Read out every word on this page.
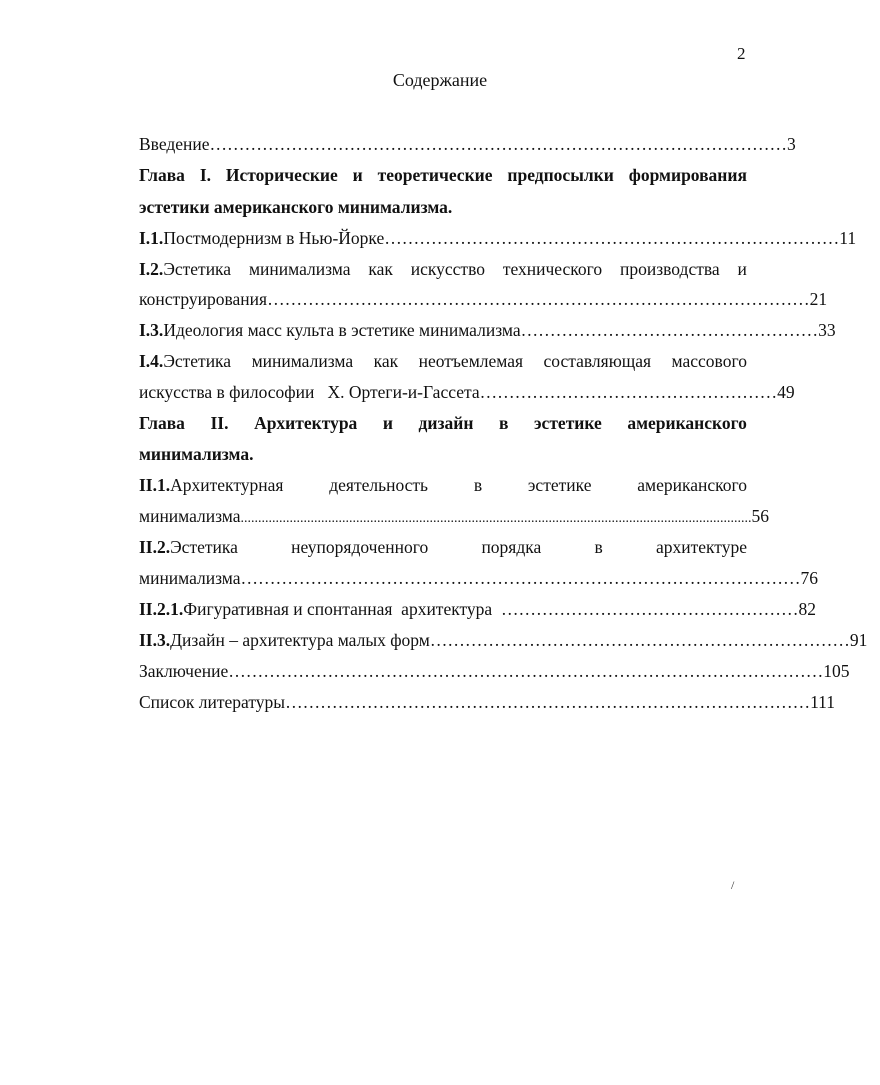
2
Содержание
Введение ……………………………………………………………………………………… 3
Глава I. Исторические и теоретические предпосылки формирования
эстетики американского минимализма.
I.1.Постмодернизм в Нью-Йорке …………………………………………………………………… 11
I.2.Эстетика минимализма как искусство технического производства и
конструирования ………………………………………………………………………………… 21
I.3.Идеология масс культа в эстетике минимализма …………………………………………… 33
I.4.Эстетика минимализма как неотъемлемая составляющая массового
искусства в философии   Х. Ортеги-и-Гассета …………………………………………… 49
Глава II. Архитектура и дизайн в эстетике американского
минимализма.
II.1.Архитектурная	деятельность	в	эстетике	американского
минимализма .................................................................................................................................................. 56
II.2.Эстетика	неупорядоченного	порядка	в	архитектуре
минимализма …………………………………………………………………………………… 76
II.2.1.Фигуративная и спонтанная  архитектура …………………………………………… 82
II.3.Дизайн – архитектура малых форм ……………………………………………………………… 91
Заключение ………………………………………………………………………………………… 105
Список литературы ……………………………………………………………………………… 111
/
